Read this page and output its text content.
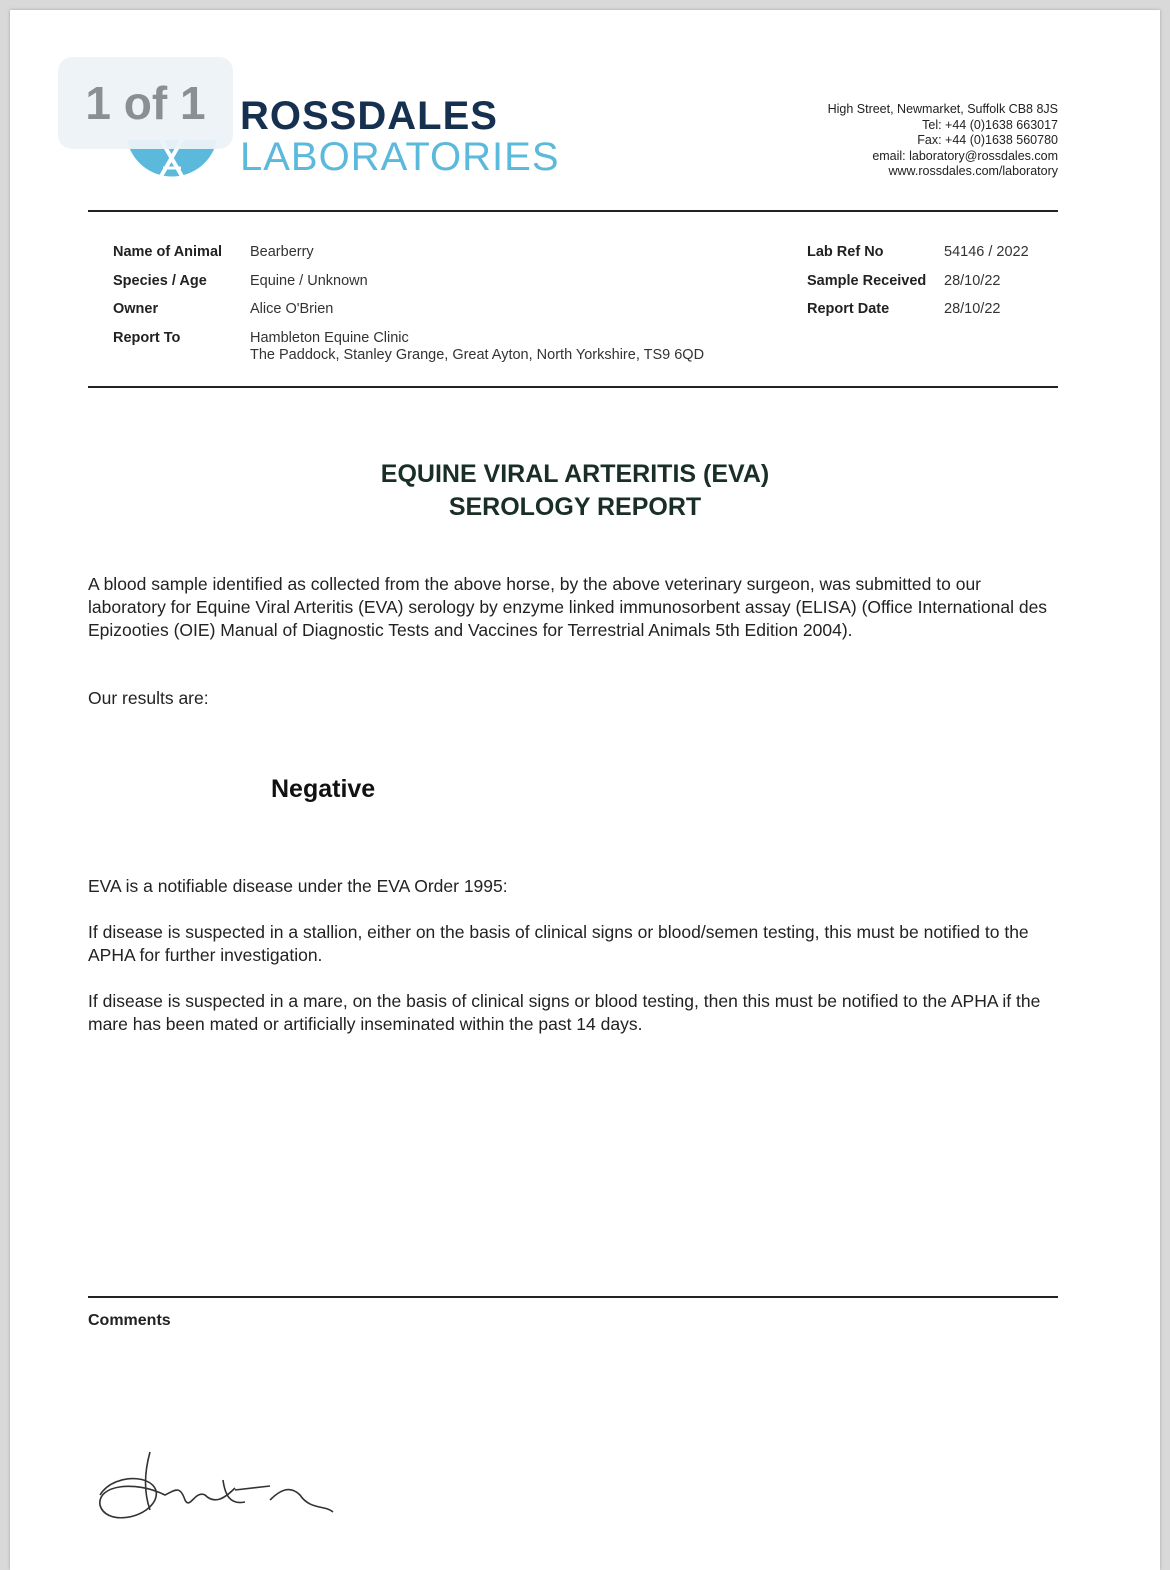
1 of 1 ROSSDALES
LABORATORIES
High Street, Newmarket, Suffolk CB8 8JS
Tel: +44 (0)1638 663017
Fax: +44 (0)1638 560780
email: laboratory@rossdales.com
www.rossdales.com/laboratory
Name of Animal Bearberry
Species / Age	Equine / Unknown
Owner	Alice O'Brien
Report To	Hambleton Equine Clinic
The Paddock, Stanley Grange, Great Ayton, North Yorkshire, TS9 6QD
Lab Ref No	54146 / 2022
Sample Received 28/10/22
Report Date	28/10/22
EQUINE VIRAL ARTERITIS (EVA)
SEROLOGY REPORT
A blood sample identified as collected from the above horse, by the above veterinary surgeon, was submitted to our laboratory for Equine Viral Arteritis (EVA) serology by enzyme linked immunosorbent assay (ELISA) (Office International des Epizooties (OIE) Manual of Diagnostic Tests and Vaccines for Terrestrial Animals 5th Edition 2004).
Our results are:
Negative
EVA is a notifiable disease under the EVA Order 1995:
If disease is suspected in a stallion, either on the basis of clinical signs or blood/semen testing, this must be notified to the APHA for further investigation.
If disease is suspected in a mare, on the basis of clinical signs or blood testing, then this must be notified to the APHA if the mare has been mated or artificially inseminated within the past 14 days.
Comments
